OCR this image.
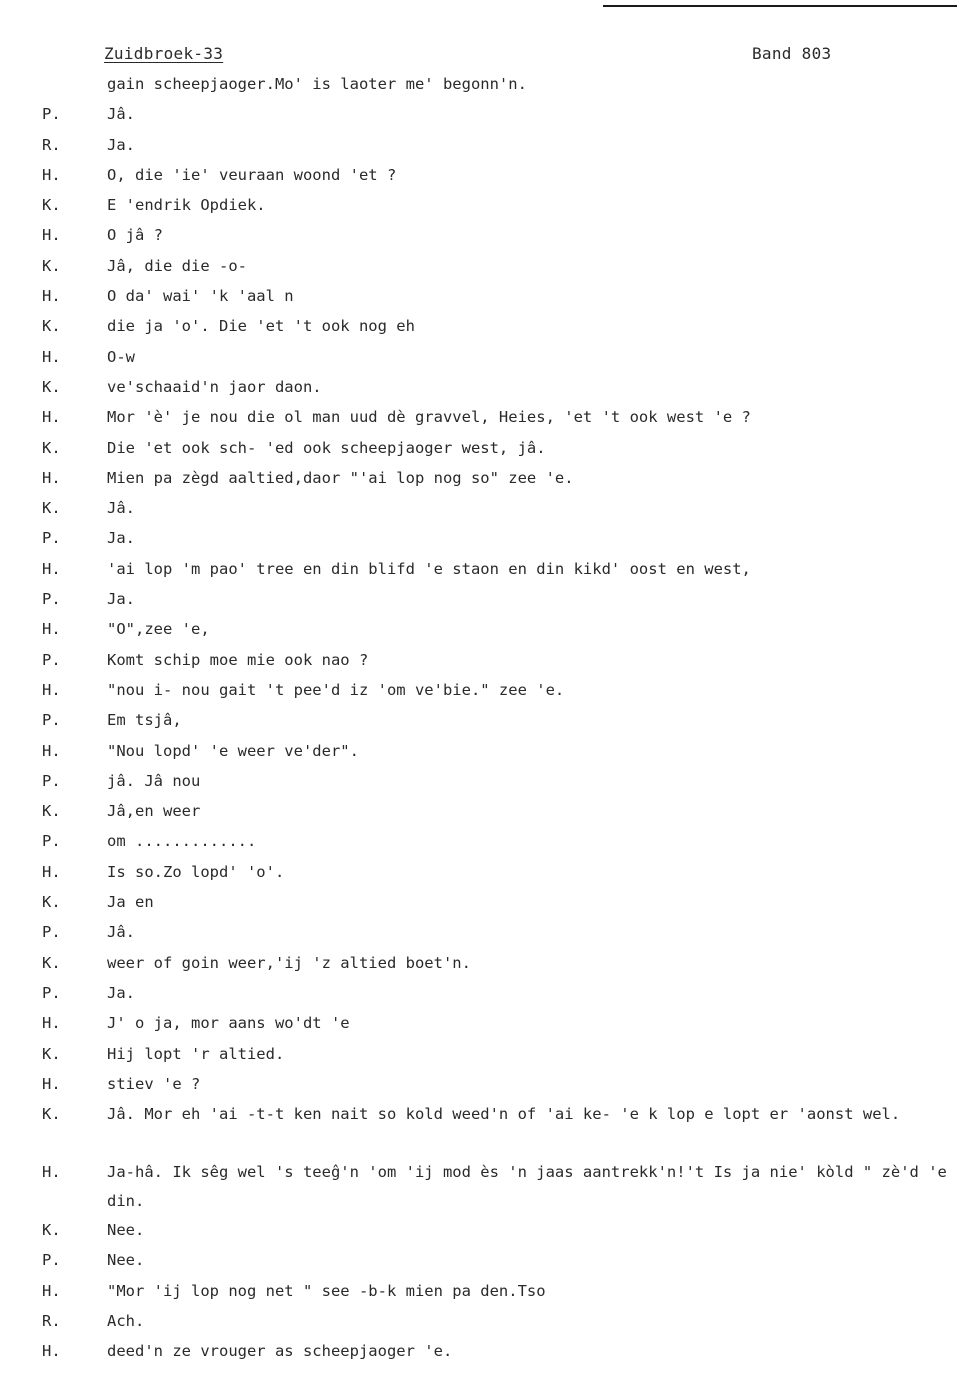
Zuidbroek-33	Band 803
gain scheepjaoger.Mo' is laoter me' begonn'n.
P.	Jâ.
R.	Ja.
H.	O, die 'ie' veuraan woond 'et ?
K.	E 'endrik Opdiek.
H.	O jâ ?
K.	Jâ, die die -o-
H.	O da' wai' 'k 'aal n
K.	die ja 'o'. Die 'et 't ook nog eh
H.	O-w
K.	ve'schaaid'n jaor daon.
H.	Mor 'è' je nou die ol man uud dè gravvel, Heies, 'et 't ook west 'e ?
K.	Die 'et ook sch- 'ed ook scheepjaoger west, jâ.
H.	Mien pa zègd aaltied,daor "'ai lop nog so" zee 'e.
K.	Jâ.
P.	Ja.
H.	'ai lop 'm pao' tree en din blifd 'e staon en din kikd' oost en west,
P.	Ja.
H.	"O",zee 'e,
P.	Komt schip moe mie ook nao ?
H.	"nou i- nou gait 't pee'd iz 'om ve'bie." zee 'e.
P.	Em tsjâ,
H.	"Nou lopd' 'e weer ve'der".
P.	jâ. Jâ nou
K.	Jâ,en weer
P.	om .............
H.	Is so.Zo lopd' 'o'.
K.	Ja en
P.	Jâ.
K.	weer of goin weer,'ij 'z altied boet'n.
P.	Ja.
H.	J' o ja, mor aans wo'dt 'e
K.	Hij lopt 'r altied.
H.	stiev 'e ?
K.	Jâ. Mor eh 'ai -t-t ken nait so kold weed'n of 'ai ke- 'e k lop e lopt er 'aonst wel.
H.	Ja-hâ. Ik sêg wel 's teeĝ'n 'om 'ij mod ès 'n jaas aantrekk'n!'t Is ja nie' kòld " zè'd 'e din.
K.	Nee.
P.	Nee.
H.	"Mor 'ij lop nog net " see -b-k mien pa den.Tso
R.	Ach.
H.	deed'n ze vrouger as scheepjaoger 'e.
